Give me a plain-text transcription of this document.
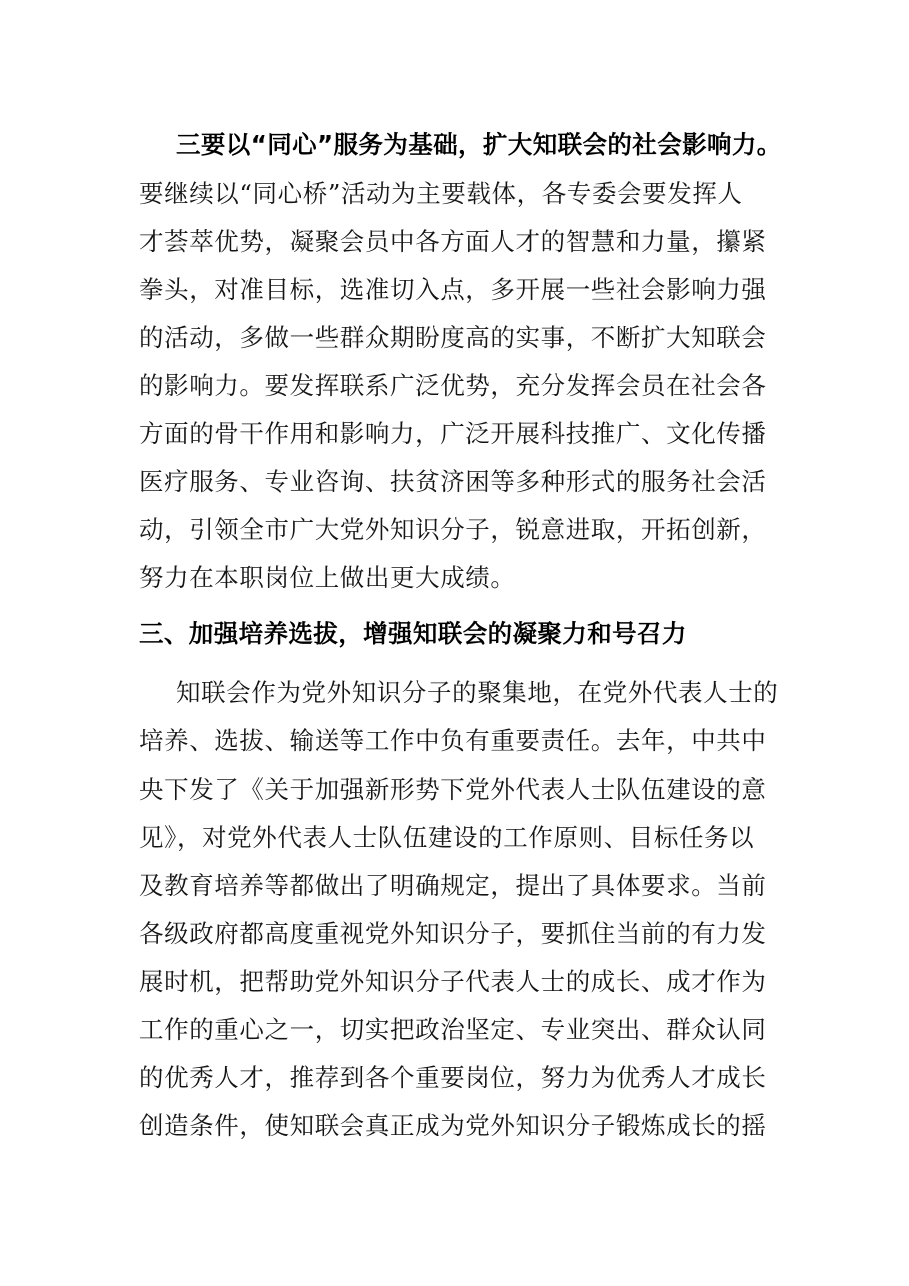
三要以“同心”服务为基础，扩大知联会的社会影响力。
要继续以“同心桥”活动为主要载体，各专委会要发挥人
才荟萃优势，凝聚会员中各方面人才的智慧和力量，攥紧
拳头，对准目标，选准切入点，多开展一些社会影响力强
的活动，多做一些群众期盼度高的实事，不断扩大知联会
的影响力。要发挥联系广泛优势，充分发挥会员在社会各
方面的骨干作用和影响力，广泛开展科技推广、文化传播
医疗服务、专业咨询、扶贫济困等多种形式的服务社会活
动，引领全市广大党外知识分子，锐意进取，开拓创新，
努力在本职岗位上做出更大成绩。
三、加强培养选拔，增强知联会的凝聚力和号召力
知联会作为党外知识分子的聚集地，在党外代表人士的
培养、选拔、输送等工作中负有重要责任。去年，中共中
央下发了《关于加强新形势下党外代表人士队伍建设的意
见》，对党外代表人士队伍建设的工作原则、目标任务以
及教育培养等都做出了明确规定，提出了具体要求。当前
各级政府都高度重视党外知识分子，要抓住当前的有力发
展时机，把帮助党外知识分子代表人士的成长、成才作为
工作的重心之一，切实把政治坚定、专业突出、群众认同
的优秀人才，推荐到各个重要岗位，努力为优秀人才成长
创造条件，使知联会真正成为党外知识分子锻炼成长的摇
